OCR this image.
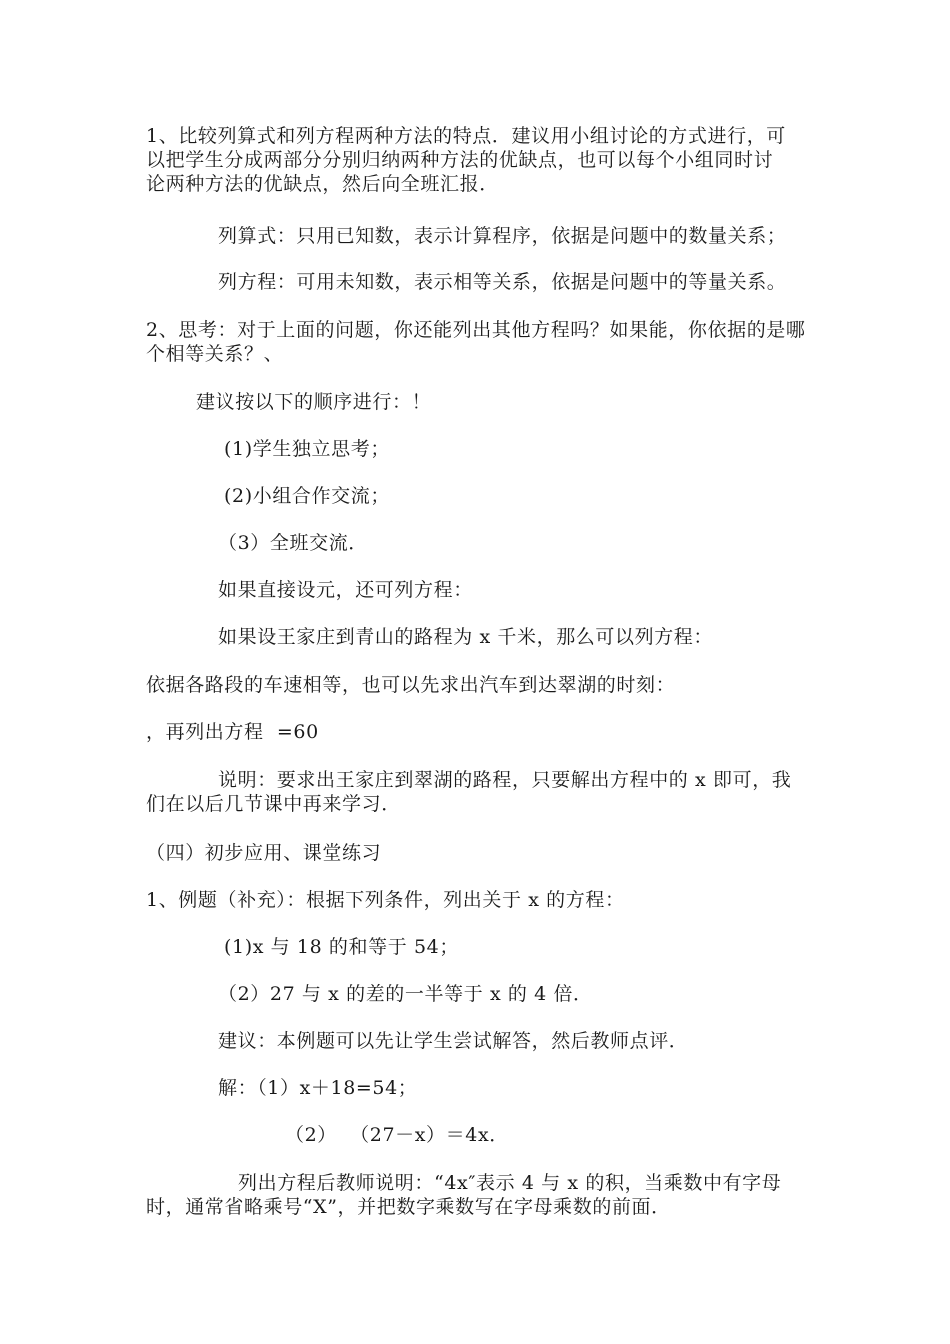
1、比较列算式和列方程两种方法的特点．建议用小组讨论的方式进行，可
以把学生分成两部分分别归纳两种方法的优缺点，也可以每个小组同时讨
论两种方法的优缺点，然后向全班汇报．
列算式：只用已知数，表示计算程序，依据是问题中的数量关系；
列方程：可用未知数，表示相等关系，依据是问题中的等量关系。
2、思考：对于上面的问题，你还能列出其他方程吗？如果能，你依据的是哪
个相等关系？、
建议按以下的顺序进行：！
(1)学生独立思考；
(2)小组合作交流；
（3）全班交流．
如果直接设元，还可列方程：
如果设王家庄到青山的路程为 x 千米，那么可以列方程：
依据各路段的车速相等，也可以先求出汽车到达翠湖的时刻：
，再列出方程  =60
说明：要求出王家庄到翠湖的路程，只要解出方程中的 x 即可，我
们在以后几节课中再来学习．
（四）初步应用、课堂练习
1、例题（补充）：根据下列条件，列出关于 x 的方程：
(1)x 与 18 的和等于 54；
（2）27 与 x 的差的一半等于 x 的 4 倍．
建议：本例题可以先让学生尝试解答，然后教师点评．
解：（1）x＋18=54；
（2）  （27－x）＝4x．
列出方程后教师说明：“4x″表示 4 与 x 的积，当乘数中有字母
时，通常省略乘号“X”，并把数字乘数写在字母乘数的前面．
